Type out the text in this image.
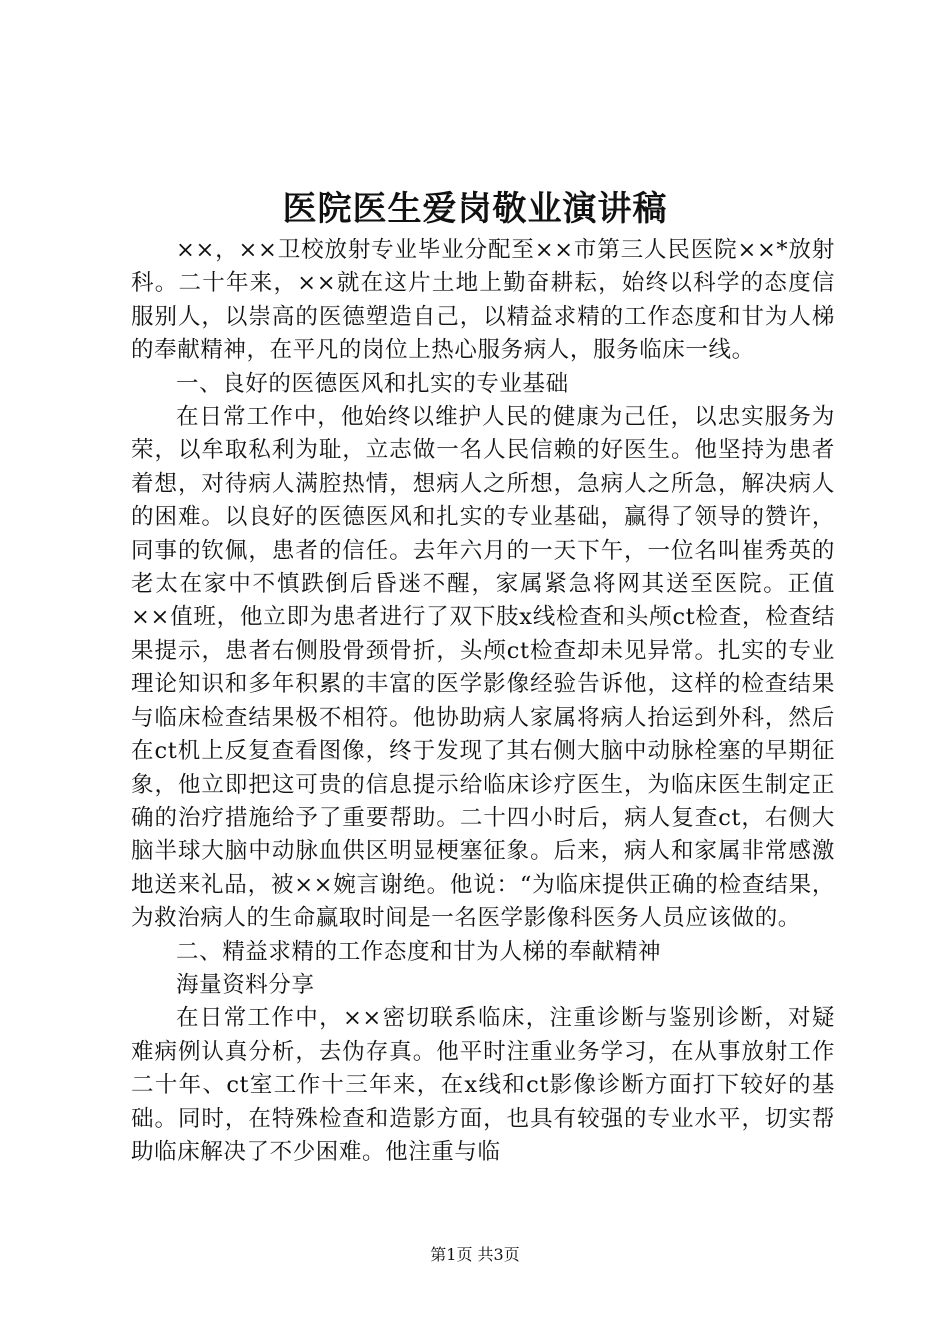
医院医生爱岗敬业演讲稿

××，××卫校放射专业毕业分配至××市第三人民医院××*放射科。二十年来，××就在这片土地上勤奋耕耘，始终以科学的态度信服别人，以崇高的医德塑造自己，以精益求精的工作态度和甘为人梯的奉献精神，在平凡的岗位上热心服务病人，服务临床一线。

一、良好的医德医风和扎实的专业基础

在日常工作中，他始终以维护人民的健康为己任，以忠实服务为荣，以牟取私利为耻，立志做一名人民信赖的好医生。他坚持为患者着想，对待病人满腔热情，想病人之所想，急病人之所急，解决病人的困难。以良好的医德医风和扎实的专业基础，赢得了领导的赞许，同事的钦佩，患者的信任。去年六月的一天下午，一位名叫崔秀英的老太在家中不慎跌倒后昏迷不醒，家属紧急将网其送至医院。正值××值班，他立即为患者进行了双下肢x线检查和头颅ct检查，检查结果提示，患者右侧股骨颈骨折，头颅ct检查却未见异常。扎实的专业理论知识和多年积累的丰富的医学影像经验告诉他，这样的检查结果与临床检查结果极不相符。他协助病人家属将病人抬运到外科，然后在ct机上反复查看图像，终于发现了其右侧大脑中动脉栓塞的早期征象，他立即把这可贵的信息提示给临床诊疗医生，为临床医生制定正确的治疗措施给予了重要帮助。二十四小时后，病人复查ct，右侧大脑半球大脑中动脉血供区明显梗塞征象。后来，病人和家属非常感激地送来礼品，被××婉言谢绝。他说：“为临床提供正确的检查结果，为救治病人的生命赢取时间是一名医学影像科医务人员应该做的。

二、精益求精的工作态度和甘为人梯的奉献精神

海量资料分享

在日常工作中，××密切联系临床，注重诊断与鉴别诊断，对疑难病例认真分析，去伪存真。他平时注重业务学习，在从事放射工作二十年、ct室工作十三年来，在x线和ct影像诊断方面打下较好的基础。同时，在特殊检查和造影方面，也具有较强的专业水平，切实帮助临床解决了不少困难。他注重与临

第1页 共3页
